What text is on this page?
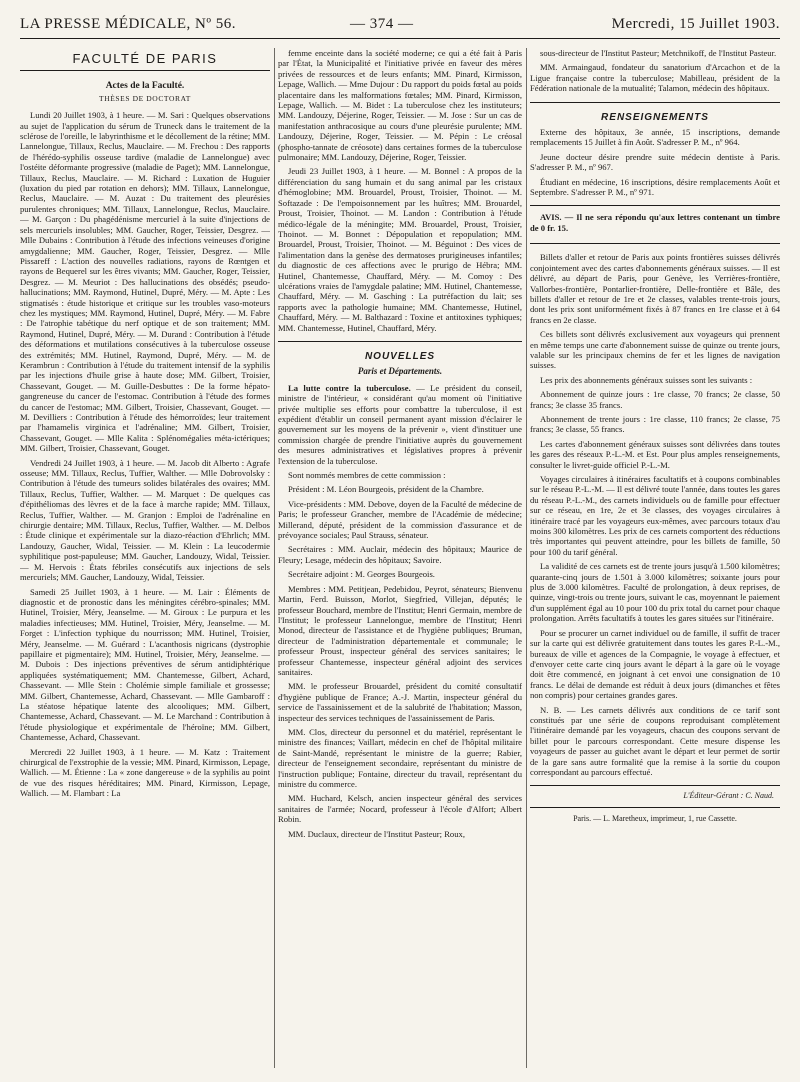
LA PRESSE MÉDICALE, Nº 56.	— 374 —	Mercredi, 15 Juillet 1903.
FACULTÉ DE PARIS
Actes de la Faculté.
THÈSES DE DOCTORAT

Lundi 20 Juillet 1903, à 1 heure. — M. Sari : Quelques observations au sujet de l'application du sérum de Truneck dans le traitement de la sclérose de l'oreille, le labyrinthisme et le décollement de la rétine; MM. Lannelongue, Tillaux, Reclus, Mauclaire. — M. Frechou : Des rapports de l'hérédo-syphilis osseuse tardive (maladie de Lannelongue) avec l'ostéite déformante progressive (maladie de Paget); MM. Lannelongue, Tillaux, Reclus, Mauclaire. — M. Richard : Luxation de Huguier (luxation du pied par rotation en dehors); MM. Tillaux, Lannelongue, Reclus, Mauclaire. — M. Auzat : Du traitement des pleurésies purulentes chroniques; MM. Tillaux, Lannelongue, Reclus, Mauclaire. — M. Garçon : Du phagédénisme mercuriel à la suite d'injections de sels mercuriels insolubles; MM. Gaucher, Roger, Teissier, Desgrez. — Mlle Dubains : Contribution à l'étude des infections veineuses d'origine amygdalienne; MM. Gaucher, Roger, Teissier, Desgrez. — Mlle Pissareff : L'action des nouvelles radiations, rayons de Rœntgen et rayons de Bequerel sur les êtres vivants; MM. Gaucher, Roger, Teissier, Desgrez. — M. Meuriot : Des hallucinations des obsédés; pseudo-hallucinations; MM. Raymond, Hutinel, Dupré, Méry. — M. Apte : Les stigmatisés : étude historique et critique sur les troubles vaso-moteurs chez les mystiques; MM. Raymond, Hutinel, Dupré, Méry. — M. Fabre : De l'atrophie tabétique du nerf optique et de son traitement; MM. Raymond, Hutinel, Dupré, Méry. — M. Durand : Contribution à l'étude des déformations et mutilations consécutives à la tuberculose osseuse des extrémités; MM. Hutinel, Raymond, Dupré, Méry. — M. de Kerambrun : Contribution à l'étude du traitement intensif de la syphilis par les injections d'huile grise à haute dose; MM. Gilbert, Troisier, Chassevant, Gouget. — M. Guille-Desbuttes : De la forme hépato-gangreneuse du cancer de l'estomac. Contribution à l'étude des formes du cancer de l'estomac; MM. Gilbert, Troisier, Chassevant, Gouget. — M. Devilliers : Contribution à l'étude des hémorroïdes; leur traitement par l'hamamelis virginica et l'adrénaline; MM. Gilbert, Troisier, Chassevant, Gouget. — Mlle Kalita : Splénomégalies méta-ictériques; MM. Gilbert, Troisier, Chassevant, Gouget.

Vendredi 24 Juillet 1903, à 1 heure. — M. Jacob dit Alberto : Agrafe osseuse; MM. Tillaux, Reclus, Tuffier, Walther. — Mlle Dobrovolsky : Contribution à l'étude des tumeurs solides bilatérales des ovaires; MM. Tillaux, Reclus, Tuffier, Walther. — M. Marquet : De quelques cas d'épithéliomas des lèvres et de la face à marche rapide; MM. Tillaux, Reclus, Tuffier, Walther. — M. Granjon : Emploi de l'adrénaline en chirurgie dentaire; MM. Tillaux, Reclus, Tuffier, Walther. — M. Delbos : Étude clinique et expérimentale sur la diazo-réaction d'Ehrlich; MM. Landouzy, Gaucher, Widal, Teissier. — M. Klein : La leucodermie syphilitique post-papuleuse; MM. Gaucher, Landouzy, Widal, Teissier. — M. Hervois : États fébriles consécutifs aux injections de sels mercuriels; MM. Gaucher, Landouzy, Widal, Teissier.

Samedi 25 Juillet 1903, à 1 heure. — M. Lair : Éléments de diagnostic et de pronostic dans les méningites cérébro-spinales; MM. Hutinel, Troisier, Méry, Jeanselme. — M. Giroux : Le purpura et les maladies infectieuses; MM. Hutinel, Troisier, Méry, Jeanselme. — M. Forget : L'infection typhique du nourrisson; MM. Hutinel, Troisier, Méry, Jeanselme. — M. Guérard : L'acanthosis nigricans (dystrophie papillaire et pigmentaire); MM. Hutinel, Troisier, Méry, Jeanselme. — M. Dubois : Des injections préventives de sérum antidiphtérique appliquées systématiquement; MM. Chantemesse, Gilbert, Achard, Chassevant. — Mlle Stein : Cholémie simple familiale et grossesse; MM. Gilbert, Chantemesse, Achard, Chassevant. — Mlle Gambaroff : La stéatose hépatique latente des alcooliques; MM. Gilbert, Chantemesse, Achard, Chassevant. — M. Le Marchand : Contribution à l'étude physiologique et expérimentale de l'héroïne; MM. Gilbert, Chantemesse, Achard, Chassevant.

Mercredi 22 Juillet 1903, à 1 heure. — M. Katz : Traitement chirurgical de l'exstrophie de la vessie; MM. Pinard, Kirmisson, Lepage, Wallich. — M. Étienne : La « zone dangereuse » de la syphilis au point de vue des risques héréditaires; MM. Pinard, Kirmisson, Lepage, Wallich. — M. Flambart : La

femme enceinte dans la société moderne; ce qui a été fait à Paris par l'État, la Municipalité et l'initiative privée en faveur des mères privées de ressources et de leurs enfants; MM. Pinard, Kirmisson, Lepage, Wallich. — Mme Dujour : Du rapport du poids fœtal au poids placentaire dans les malformations fœtales; MM. Pinard, Kirmisson, Lepage, Wallich. — M. Bidet : La tuberculose chez les instituteurs; MM. Landouzy, Déjerine, Roger, Teissier. — M. Jose : Sur un cas de manifestation anthracosique au cours d'une pleurésie purulente; MM. Landouzy, Déjerine, Roger, Teissier. — M. Pépin : Le créosal (phospho-tannate de créosote) dans certaines formes de la tuberculose pulmonaire; MM. Landouzy, Déjerine, Roger, Teissier.

Jeudi 23 Juillet 1903, à 1 heure. — M. Bonnel : A propos de la différenciation du sang humain et du sang animal par les cristaux d'hémoglobine; MM. Brouardel, Proust, Troisier, Thoinot. — M. Softazade : De l'empoisonnement par les huîtres; MM. Brouardel, Proust, Troisier, Thoinot. — M. Landon : Contribution à l'étude médico-légale de la méningite; MM. Brouardel, Proust, Troisier, Thoinot. — M. Bonnet : Dépopulation et repopulation; MM. Brouardel, Proust, Troisier, Thoinot. — M. Béguinot : Des vices de l'alimentation dans la genèse des dermatoses prurigineuses infantiles; du diagnostic de ces affections avec le prurigo de Hébra; MM. Hutinel, Chantemesse, Chauffard, Méry. — M. Comoy : Des ulcérations vraies de l'amygdale palatine; MM. Hutinel, Chantemesse, Chauffard, Méry. — M. Gasching : La putréfaction du lait; ses rapports avec la pathologie humaine; MM. Chantemesse, Hutinel, Chauffard, Méry. — M. Balthazard : Toxine et antitoxines typhiques; MM. Chantemesse, Hutinel, Chauffard, Méry.

NOUVELLES
Paris et Départements.

La lutte contre la tuberculose. — Le président du conseil, ministre de l'intérieur, « considérant qu'au moment où l'initiative privée multiplie ses efforts pour combattre la tuberculose, il est expédient d'établir un conseil permanent ayant mission d'éclairer le gouvernement sur les moyens de la prévenir », vient d'instituer une commission chargée de prendre l'initiative auprès du gouvernement des mesures administratives et législatives propres à prévenir l'extension de la tuberculose.

Sont nommés membres de cette commission :

Président : M. Léon Bourgeois, président de la Chambre.

Vice-présidents : MM. Debove, doyen de la Faculté de médecine de Paris; le professeur Grancher, membre de l'Académie de médecine; Millerand, député, président de la commission d'assurance et de prévoyance sociales; Paul Strauss, sénateur.

Secrétaires : MM. Auclair, médecin des hôpitaux; Maurice de Fleury; Lesage, médecin des hôpitaux; Savoire.

Secrétaire adjoint : M. Georges Bourgeois.

Membres : MM. Petitjean, Pedebidou, Peyrot, sénateurs; Bienvenu Martin, Ferd. Buisson, Morlot, Siegfried, Villejan, députés; le professeur Bouchard, membre de l'Institut; Henri Germain, membre de l'Institut; le professeur Lannelongue, membre de l'Institut; Henri Monod, directeur de l'assistance et de l'hygiène publiques; Bruman, directeur de l'administration départementale et communale; le professeur Proust, inspecteur général des services sanitaires; le professeur Chantemesse, inspecteur général adjoint des services sanitaires.

MM. le professeur Brouardel, président du comité consultatif d'hygiène publique de France; A.-J. Martin, inspecteur général du service de l'assainissement et de la salubrité de l'habitation; Masson, inspecteur des services techniques de l'assainissement de Paris.

MM. Clos, directeur du personnel et du matériel, représentant le ministre des finances; Vaillart, médecin en chef de l'hôpital militaire de Saint-Mandé, représentant le ministre de la guerre; Rabier, directeur de l'enseignement secondaire, représentant du ministre de l'instruction publique; Fontaine, directeur du travail, représentant du ministre du commerce.

MM. Huchard, Kelsch, ancien inspecteur général des services sanitaires de l'armée; Nocard, professeur à l'école d'Alfort; Albert Robin.

MM. Duclaux, directeur de l'Institut Pasteur; Roux,

sous-directeur de l'Institut Pasteur; Metchnikoff, de l'Institut Pasteur.

MM. Armaingaud, fondateur du sanatorium d'Arcachon et de la Ligue française contre la tuberculose; Mabilleau, président de la Fédération nationale de la mutualité; Talamon, médecin des hôpitaux.

RENSEIGNEMENTS

Externe des hôpitaux, 3e année, 15 inscriptions, demande remplacements 15 Juillet à fin Août. S'adresser P. M., nº 964.

Jeune docteur désire prendre suite médecin dentiste à Paris. S'adresser P. M., nº 967.

Étudiant en médecine, 16 inscriptions, désire remplacements Août et Septembre. S'adresser P. M., nº 971.

AVIS. — Il ne sera répondu qu'aux lettres contenant un timbre de 0 fr. 15.

Billets d'aller et retour de Paris aux points frontières suisses délivrés conjointement avec des cartes d'abonnements généraux suisses. — Il est délivré, au départ de Paris, pour Genève, les Verrières-frontière, Vallorbes-frontière, Pontarlier-frontière, Delle-frontière et Bâle, des billets d'aller et retour de 1re et 2e classes, valables trente-trois jours, dont les prix sont uniformément fixés à 87 francs en 1re classe et à 64 francs en 2e classe.

Ces billets sont délivrés exclusivement aux voyageurs qui prennent en même temps une carte d'abonnement suisse de quinze ou trente jours, valable sur les principaux chemins de fer et les lignes de navigation suisses.

Les prix des abonnements généraux suisses sont les suivants :

Abonnement de quinze jours : 1re classe, 70 francs; 2e classe, 50 francs; 3e classe 35 francs.

Abonnement de trente jours : 1re classe, 110 francs; 2e classe, 75 francs; 3e classe, 55 francs.

Les cartes d'abonnement généraux suisses sont délivrées dans toutes les gares des réseaux P.-L.-M. et Est. Pour plus amples renseignements, consulter le livret-guide officiel P.-L.-M.

Voyages circulaires à itinéraires facultatifs et à coupons combinables sur le réseau P.-L.-M. — Il est délivré toute l'année, dans toutes les gares du réseau P.-L.-M., des carnets individuels ou de famille pour effectuer sur ce réseau, en 1re, 2e et 3e classes, des voyages circulaires à itinéraire tracé par les voyageurs eux-mêmes, avec parcours totaux d'au moins 300 kilomètres. Les prix de ces carnets comportent des réductions très importantes qui peuvent atteindre, pour les billets de famille, 50 pour 100 du tarif général.

La validité de ces carnets est de trente jours jusqu'à 1.500 kilomètres; quarante-cinq jours de 1.501 à 3.000 kilomètres; soixante jours pour plus de 3.000 kilomètres. Faculté de prolongation, à deux reprises, de quinze, vingt-trois ou trente jours, suivant le cas, moyennant le paiement d'un supplément égal au 10 pour 100 du prix total du carnet pour chaque prolongation. Arrêts facultatifs à toutes les gares situées sur l'itinéraire.

Pour se procurer un carnet individuel ou de famille, il suffit de tracer sur la carte qui est délivrée gratuitement dans toutes les gares P.-L.-M., bureaux de ville et agences de la Compagnie, le voyage à effectuer, et d'envoyer cette carte cinq jours avant le départ à la gare où le voyage doit être commencé, en joignant à cet envoi une consignation de 10 francs. Le délai de demande est réduit à deux jours (dimanches et fêtes non compris) pour certaines grandes gares.

N. B. — Les carnets délivrés aux conditions de ce tarif sont constitués par une série de coupons reproduisant complètement l'itinéraire demandé par les voyageurs, chacun des coupons servant de billet pour le parcours correspondant. Cette mesure dispense les voyageurs de passer au guichet avant le départ et leur permet de sortir de la gare sans autre formalité que la remise à la sortie du coupon correspondant au parcours effectué.

L'Éditeur-Gérant : C. Naud.
Paris. — L. Maretheux, imprimeur, 1, rue Cassette.
